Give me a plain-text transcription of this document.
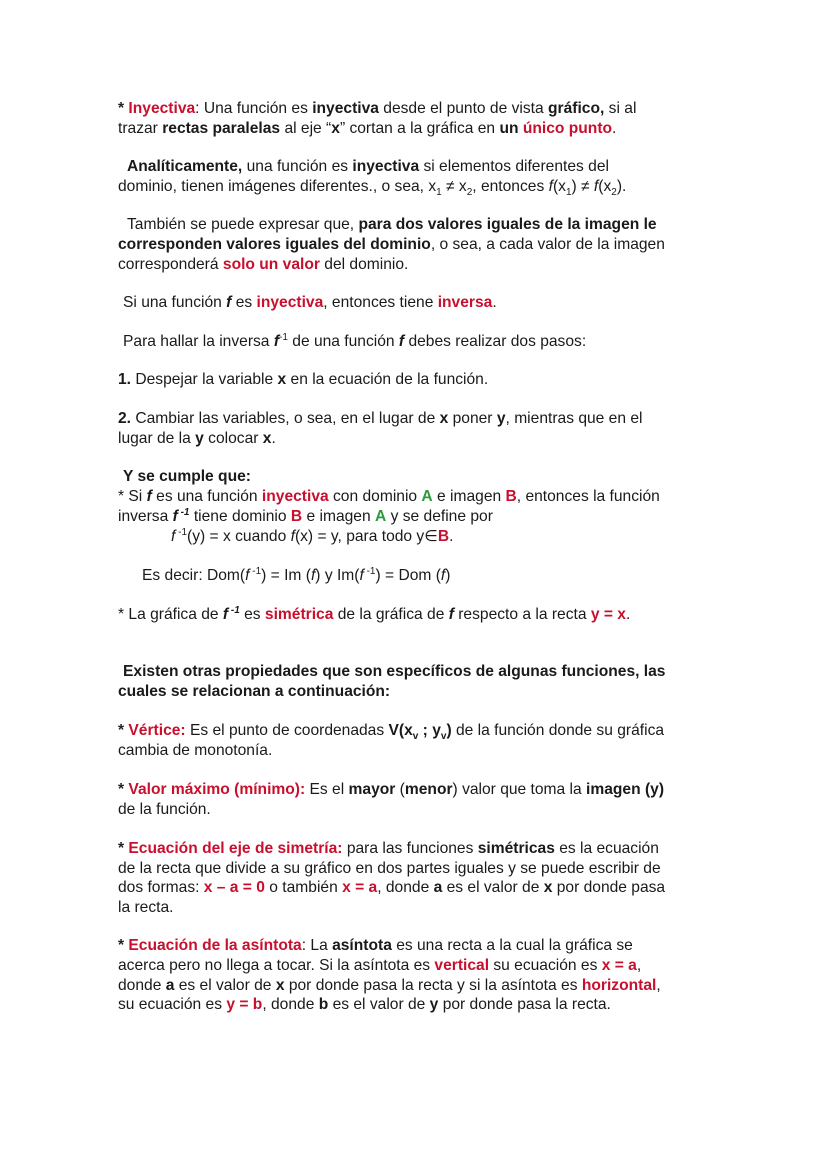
* Inyectiva: Una función es inyectiva desde el punto de vista gráfico, si al
trazar rectas paralelas al eje “x” cortan a la gráfica en un único punto.
Analíticamente, una función es inyectiva si elementos diferentes del
dominio, tienen imágenes diferentes., o sea, $x_1 \ne x_2$, entonces $f(x_1) \ne f(x_2)$.
También se puede expresar que, para dos valores iguales de la imagen le
corresponden valores iguales del dominio, o sea, a cada valor de la imagen
corresponderá solo un valor del dominio.
Si una función f es inyectiva, entonces tiene inversa.
Para hallar la inversa $f^{-1}$ de una función f debes realizar dos pasos:
1. Despejar la variable x en la ecuación de la función.
2. Cambiar las variables, o sea, en el lugar de x poner y, mientras que en el
lugar de la y colocar x.
Y se cumple que:
* Si f es una función inyectiva con dominio A e imagen B, entonces la función
inversa f $^{-1}$ tiene dominio B e imagen A y se define por
f $^{-1}$(y) = x cuando f(x) = y, para todo y∈B.
Es decir: Dom(f $^{-1}$) = Im (f) y Im(f $^{-1}$) = Dom (f)
* La gráfica de f $^{-1}$ es simétrica de la gráfica de f respecto a la recta y = x.
Existen otras propiedades que son específicos de algunas funciones, las
cuales se relacionan a continuación:
* Vértice: Es el punto de coordenadas $V(x_v$ ; $y_v$) de la función donde su gráfica
cambia de monotonía.
* Valor máximo (mínimo): Es el mayor (menor) valor que toma la imagen (y)
de la función.
* Ecuación del eje de simetría: para las funciones simétricas es la ecuación
de la recta que divide a su gráfico en dos partes iguales y se puede escribir de
dos formas: x – a = 0 o también x = a, donde a es el valor de x por donde pasa
la recta.
* Ecuación de la asíntota: La asíntota es una recta a la cual la gráfica se
acerca pero no llega a tocar. Si la asíntota es vertical su ecuación es x = a,
donde a es el valor de x por donde pasa la recta y si la asíntota es horizontal,
su ecuación es y = b, donde b es el valor de y por donde pasa la recta.
